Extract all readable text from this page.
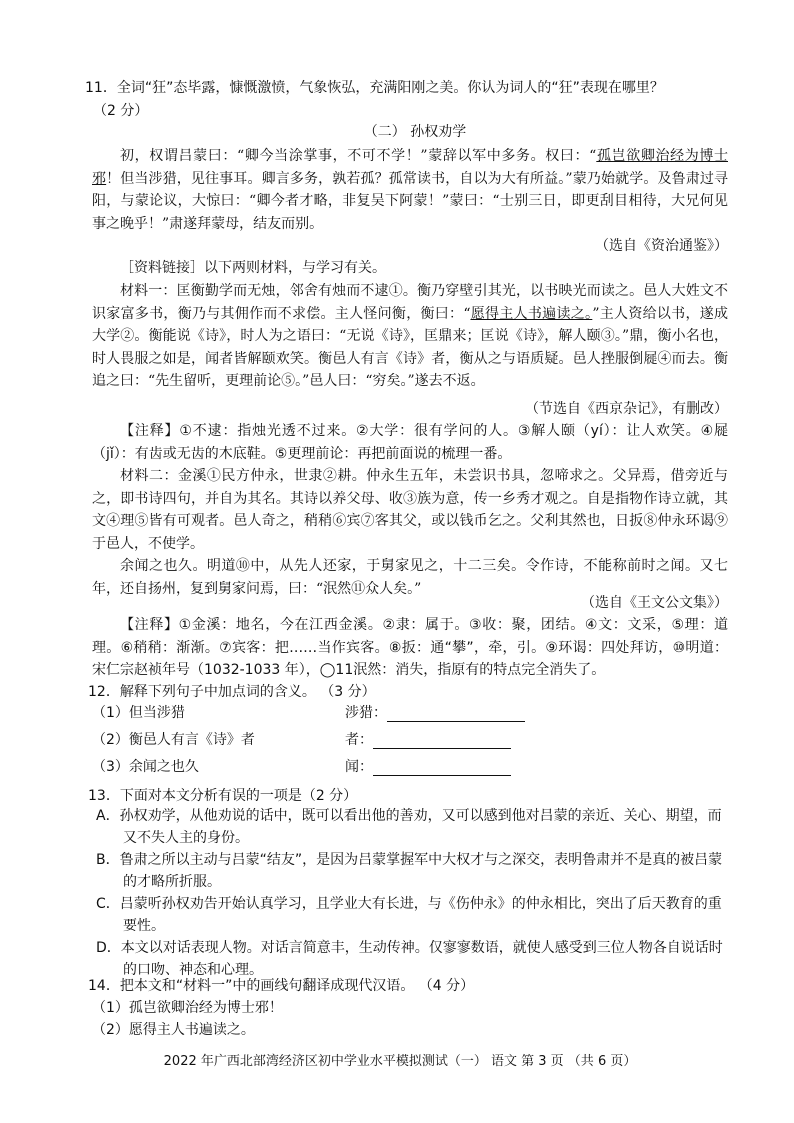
11．全词“狂”态毕露，慷慨激愤，气象恢弘，充满阳刚之美。你认为词人的“狂”表现在哪里？
（2 分）
（二） 孙权劝学

初，权谓吕蒙曰：“卿今当涂掌事，不可不学！”蒙辞以军中多务。权曰：“孤岂欲卿治经为博士邪！但当涉猎，见往事耳。卿言多务，孰若孤？孤常读书，自以为大有所益。”蒙乃始就学。及鲁肃过寻阳，与蒙论议，大惊曰：“卿今者才略，非复吴下阿蒙！”蒙曰：“士别三日，即更刮目相待，大兄何见事之晚乎！”肃遂拜蒙母，结友而别。

（选自《资治通鉴》）

［资料链接］以下两则材料，与学习有关。

材料一：匡衡勤学而无烛，邻舍有烛而不逮①。衡乃穿壁引其光，以书映光而读之。邑人大姓文不识家富多书，衡乃与其佣作而不求偿。主人怪问衡，衡曰：“愿得主人书遍读之。”主人资给以书，遂成大学②。衡能说《诗》，时人为之语曰：“无说《诗》，匡鼎来；匡说《诗》，解人颐③。”鼎，衡小名也，时人畏服之如是，闻者皆解颐欢笑。衡邑人有言《诗》者，衡从之与语质疑。邑人挫服倒屣④而去。衡追之曰：“先生留听，更理前论⑤。”邑人曰：“穷矣。”遂去不返。

（节选自《西京杂记》，有删改）

【注释】①不逮：指烛光透不过来。②大学：很有学问的人。③解人颐（yí）：让人欢笑。④屣（jǐ）：有齿或无齿的木底鞋。⑤更理前论：再把前面说的梳理一番。

材料二：金溪①民方仲永，世隶②耕。仲永生五年，未尝识书具，忽啼求之。父异焉，借旁近与之，即书诗四句，并自为其名。其诗以养父母、收③族为意，传一乡秀才观之。自是指物作诗立就，其文④理⑤皆有可观者。邑人奇之，稍稍⑥宾⑦客其父，或以钱币乞之。父利其然也，日扳⑧仲永环谒⑨于邑人，不使学。

余闻之也久。明道⑩中，从先人还家，于舅家见之，十二三矣。令作诗，不能称前时之闻。又七年，还自扬州，复到舅家问焉，曰：“泯然⑪众人矣。”

（选自《王文公文集》）

【注释】①金溪：地名，今在江西金溪。②隶：属于。③收：聚，团结。④文：文采，⑤理：道理。⑥稍稍：渐渐。⑦宾客：把……当作宾客。⑧扳：通“攀”，牵，引。⑨环谒：四处拜访，⑩明道：宋仁宗赵祯年号（1032-1033 年），◯11泯然：消失，指原有的特点完全消失了。

12．解释下列句子中加点词的含义。 （3 分）
（1）但当涉猎	涉猎：
（2）衡邑人有言《诗》者	者：
（3）余闻之也久	闻：
13．下面对本文分析有误的一项是（2 分）
A．孙权劝学，从他劝说的话中，既可以看出他的善劝，又可以感到他对吕蒙的亲近、关心、期望，而又不失人主的身份。
B．鲁肃之所以主动与吕蒙“结友”，是因为吕蒙掌握军中大权才与之深交，表明鲁肃并不是真的被吕蒙的才略所折服。
C．吕蒙听孙权劝告开始认真学习，且学业大有长进，与《伤仲永》的仲永相比，突出了后天教育的重要性。
D．本文以对话表现人物。对话言简意丰，生动传神。仅寥寥数语，就使人感受到三位人物各自说话时的口吻、神态和心理。
14．把本文和“材料一”中的画线句翻译成现代汉语。 （4 分）
（1）孤岂欲卿治经为博士邪！
（2）愿得主人书遍读之。
2022 年广西北部湾经济区初中学业水平模拟测试（一） 语文 第 3 页 （共 6 页）
